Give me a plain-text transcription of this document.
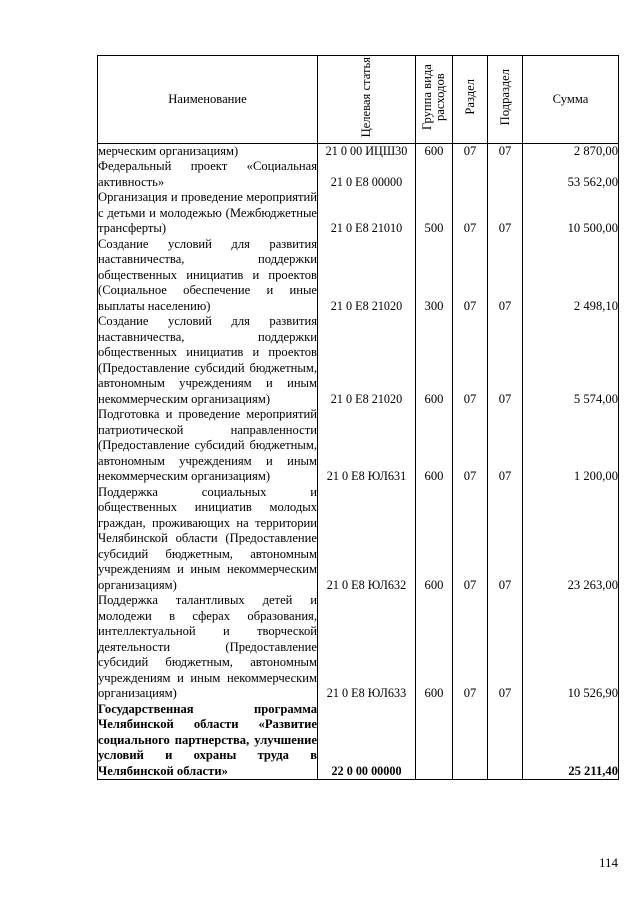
Наименование	Целевая статья	Группа вида расходов	Раздел	Подраздел	Сумма
мерческим организациям)	21 0 00 ИЦШ30	600	07	07	2 870,00
Федеральный проект «Социальная активность»	21 0 Е8 00000				53 562,00
Организация и проведение мероприятий с детьми и молодежью (Межбюджетные трансферты)	21 0 Е8 21010	500	07	07	10 500,00
Создание условий для развития наставничества, поддержки общественных инициатив и проектов (Социальное обеспечение и иные выплаты населению)	21 0 Е8 21020	300	07	07	2 498,10
Создание условий для развития наставничества, поддержки общественных инициатив и проектов (Предоставление субсидий бюджетным, автономным учреждениям и иным некоммерческим организациям)	21 0 Е8 21020	600	07	07	5 574,00
Подготовка и проведение мероприятий патриотической направленности (Предоставление субсидий бюджетным, автономным учреждениям и иным некоммерческим организациям)	21 0 Е8 ЮЛ631	600	07	07	1 200,00
Поддержка социальных и общественных инициатив молодых граждан, проживающих на территории Челябинской области (Предоставление субсидий бюджетным, автономным учреждениям и иным некоммерческим организациям)	21 0 Е8 ЮЛ632	600	07	07	23 263,00
Поддержка талантливых детей и молодежи в сферах образования, интеллектуальной и творческой деятельности (Предоставление субсидий бюджетным, автономным учреждениям и иным некоммерческим организациям)	21 0 Е8 ЮЛ633	600	07	07	10 526,90
Государственная программа Челябинской области «Развитие социального партнерства, улучшение условий и охраны труда в Челябинской области»	22 0 00 00000				25 211,40
114
